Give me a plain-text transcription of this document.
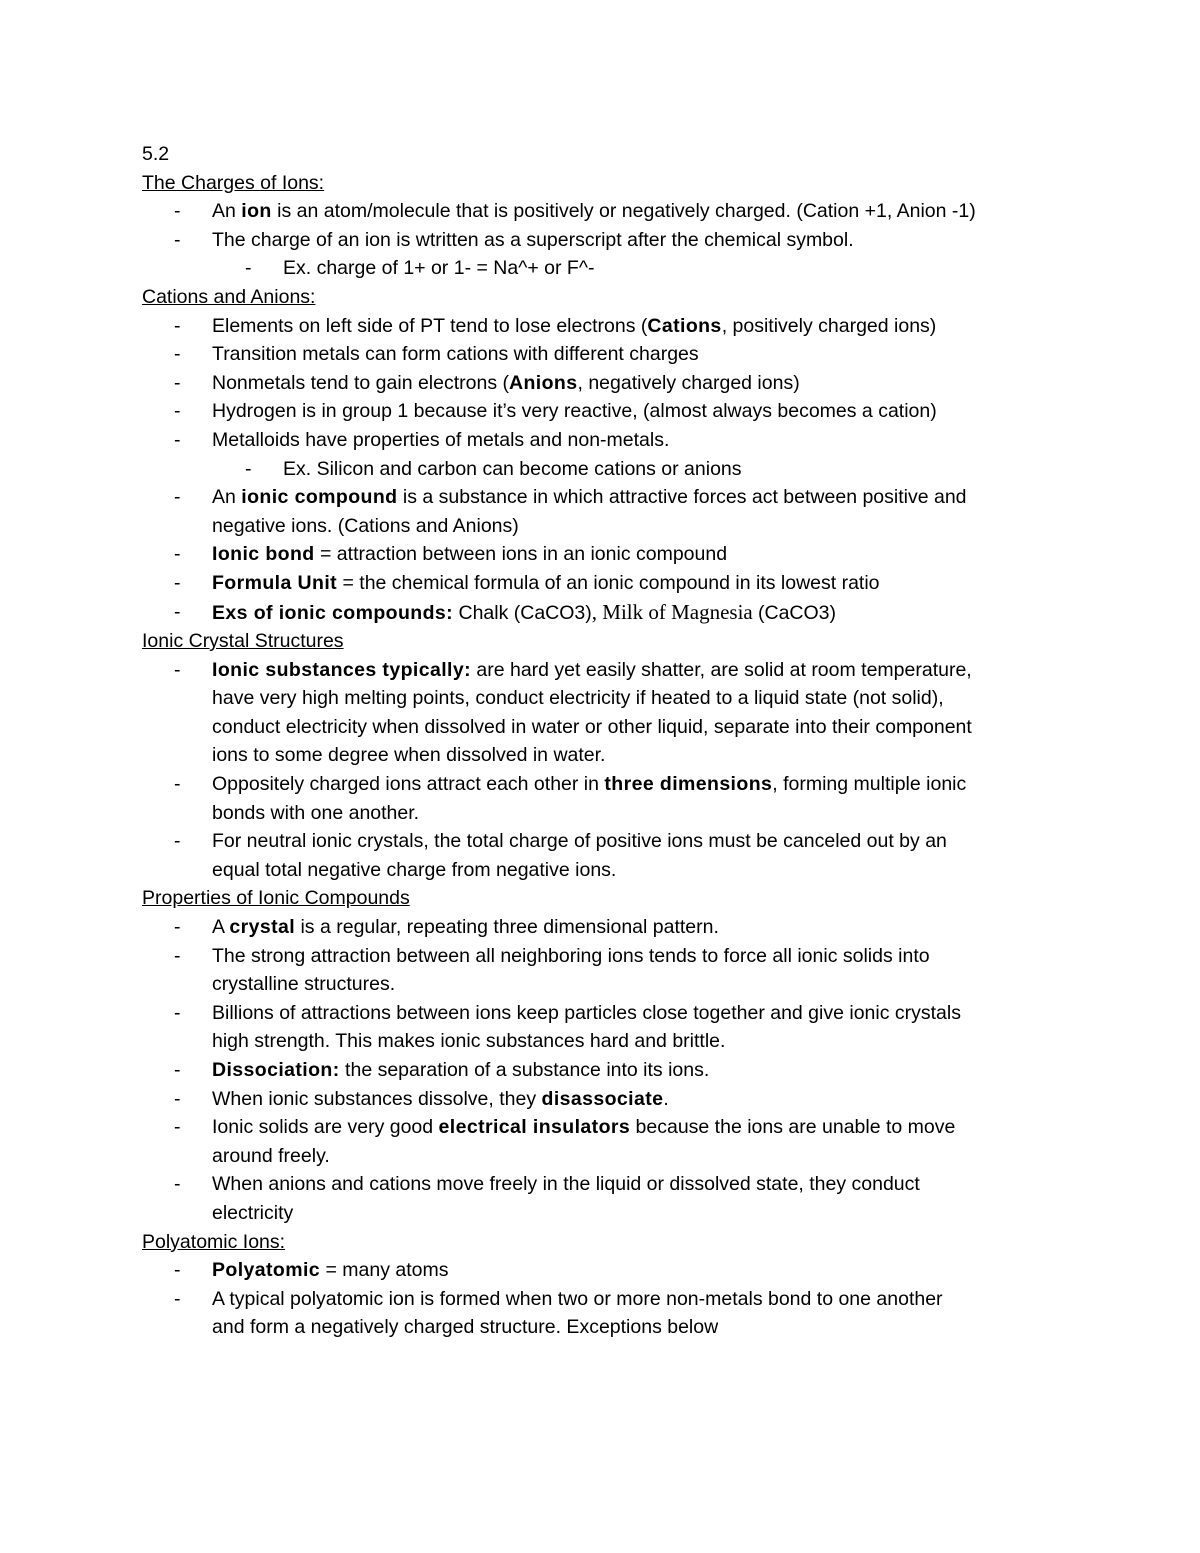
5.2
The Charges of Ions:
- An ion is an atom/molecule that is positively or negatively charged. (Cation +1, Anion -1)
- The charge of an ion is wtritten as a superscript after the chemical symbol.
- Ex. charge of 1+ or 1- = Na^+ or F^-
Cations and Anions:
- Elements on left side of PT tend to lose electrons (Cations, positively charged ions)
- Transition metals can form cations with different charges
- Nonmetals tend to gain electrons (Anions, negatively charged ions)
- Hydrogen is in group 1 because it’s very reactive, (almost always becomes a cation)
- Metalloids have properties of metals and non-metals.
- Ex. Silicon and carbon can become cations or anions
- An ionic compound is a substance in which attractive forces act between positive and
negative ions. (Cations and Anions)
- Ionic bond = attraction between ions in an ionic compound
- Formula Unit = the chemical formula of an ionic compound in its lowest ratio
- Exs of ionic compounds: Chalk (CaCO3), Milk of Magnesia (CaCO3)
Ionic Crystal Structures
- Ionic substances typically: are hard yet easily shatter, are solid at room temperature,
have very high melting points, conduct electricity if heated to a liquid state (not solid),
conduct electricity when dissolved in water or other liquid, separate into their component
ions to some degree when dissolved in water.
- Oppositely charged ions attract each other in three dimensions, forming multiple ionic
bonds with one another.
- For neutral ionic crystals, the total charge of positive ions must be canceled out by an
equal total negative charge from negative ions.
Properties of Ionic Compounds
- A crystal is a regular, repeating three dimensional pattern.
- The strong attraction between all neighboring ions tends to force all ionic solids into
crystalline structures.
- Billions of attractions between ions keep particles close together and give ionic crystals
high strength. This makes ionic substances hard and brittle.
- Dissociation: the separation of a substance into its ions.
- When ionic substances dissolve, they disassociate.
- Ionic solids are very good electrical insulators because the ions are unable to move
around freely.
- When anions and cations move freely in the liquid or dissolved state, they conduct
electricity
Polyatomic Ions:
- Polyatomic = many atoms
- A typical polyatomic ion is formed when two or more non-metals bond to one another
and form a negatively charged structure. Exceptions below
